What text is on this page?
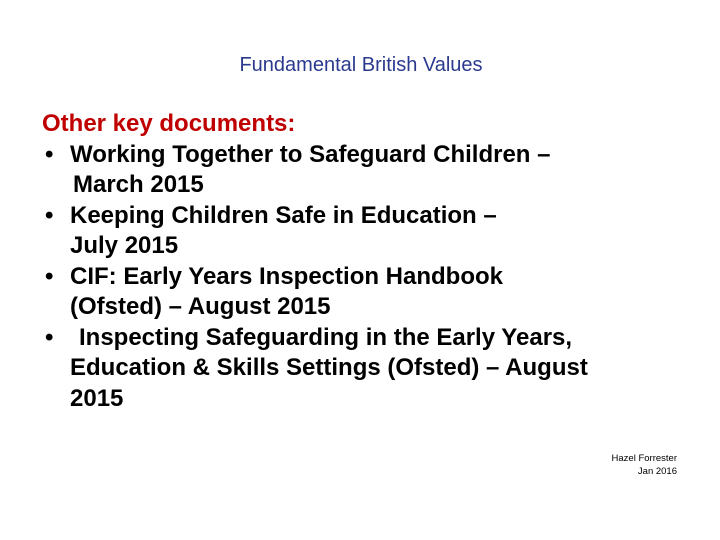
Fundamental British Values

Other key documents:

• Working Together to Safeguard Children –
March 2015
• Keeping Children Safe in Education –
July 2015
• CIF: Early Years Inspection Handbook
(Ofsted) – August 2015
•	Inspecting Safeguarding in the Early Years,
Education & Skills Settings (Ofsted) – August
2015
Hazel Forrester
Jan 2016
